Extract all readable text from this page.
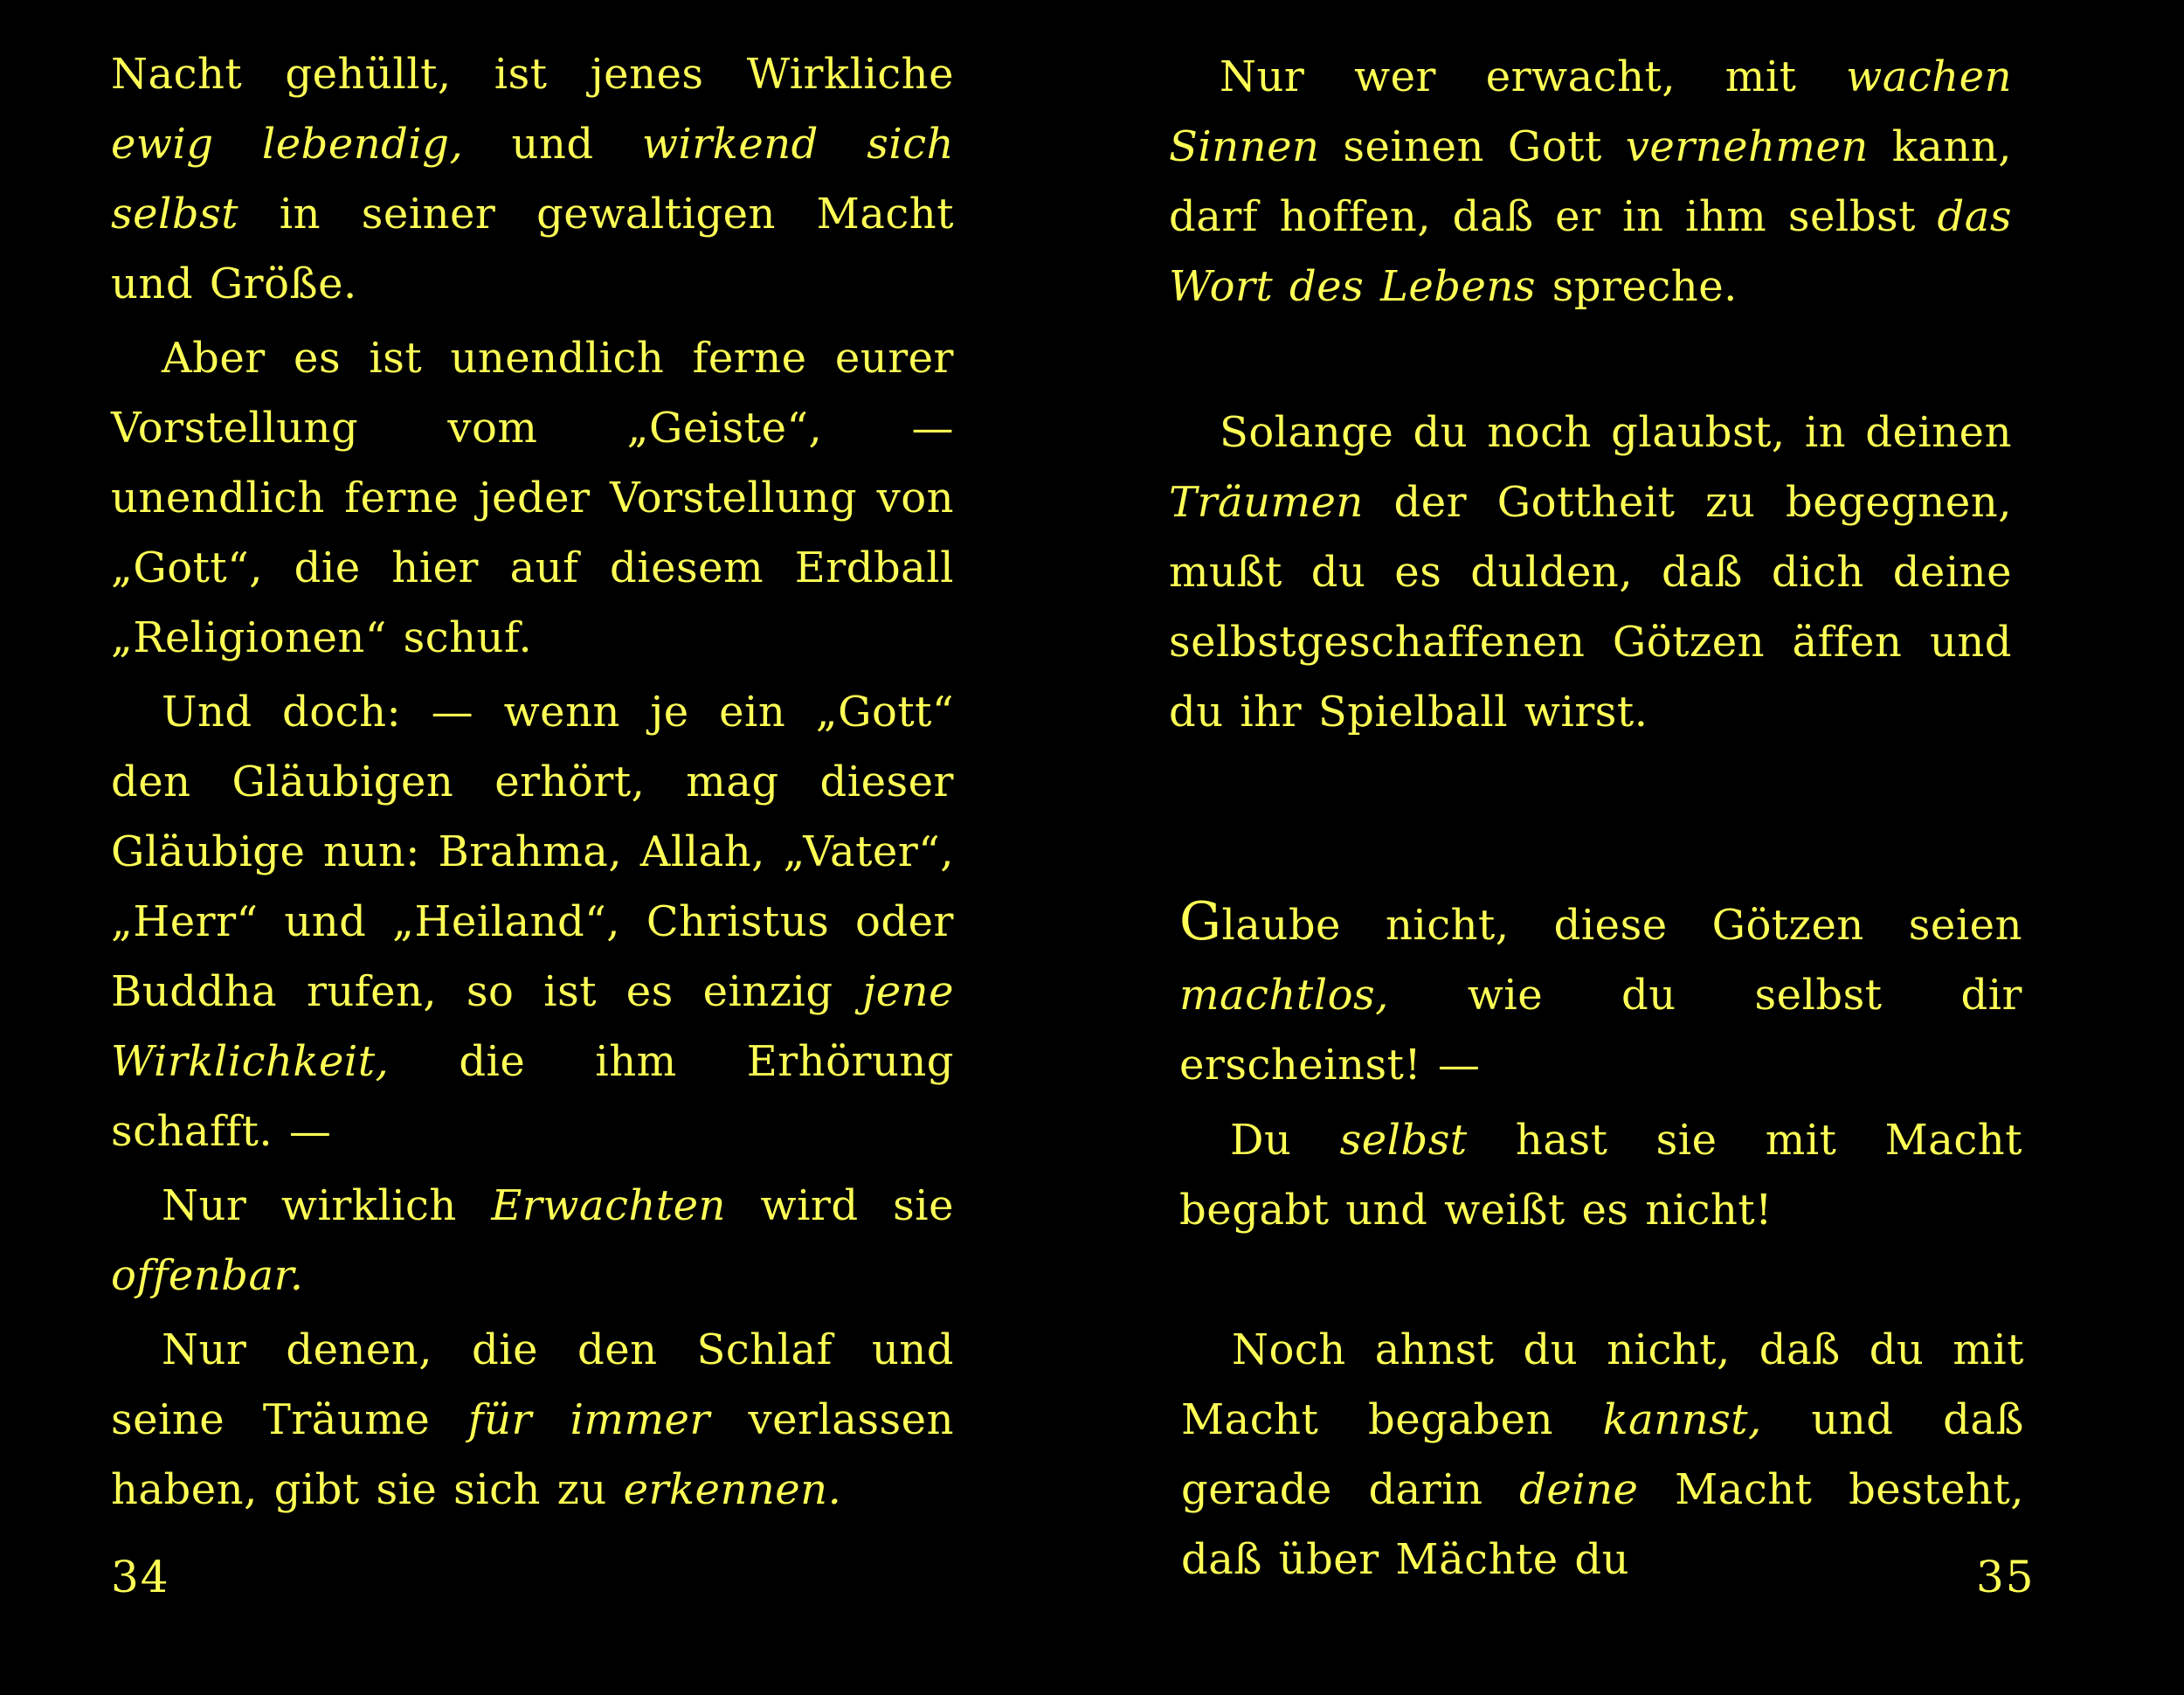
Nacht gehüllt, ist jenes Wirkliche ewig lebendig, und wirkend sich selbst in seiner gewaltigen Macht und Größe.

Aber es ist unendlich ferne eurer Vorstellung vom „Geiste“, — unendlich ferne jeder Vorstellung von „Gott“, die hier auf diesem Erdball „Religionen“ schuf.

Und doch: — wenn je ein „Gott“ den Gläubigen erhört, mag dieser Gläubige nun: Brahma, Allah, „Vater“, „Herr“ und „Heiland“, Christus oder Buddha rufen, so ist es einzig jene Wirklichkeit, die ihm Erhörung schafft. —

Nur wirklich Erwachten wird sie offenbar.

Nur denen, die den Schlaf und seine Träume für immer verlassen haben, gibt sie sich zu erkennen.

34

Nur wer erwacht, mit wachen Sinnen seinen Gott vernehmen kann, darf hoffen, daß er in ihm selbst das Wort des Lebens spreche.

Solange du noch glaubst, in deinen Träumen der Gottheit zu begegnen, mußt du es dulden, daß dich deine selbstgeschaffenen Götzen äffen und du ihr Spielball wirst.

Glaube nicht, diese Götzen seien machtlos, wie du selbst dir erscheinst! —

Du selbst hast sie mit Macht begabt und weißt es nicht!

Noch ahnst du nicht, daß du mit Macht begaben kannst, und daß gerade darin deine Macht besteht, daß über Mächte du	35
